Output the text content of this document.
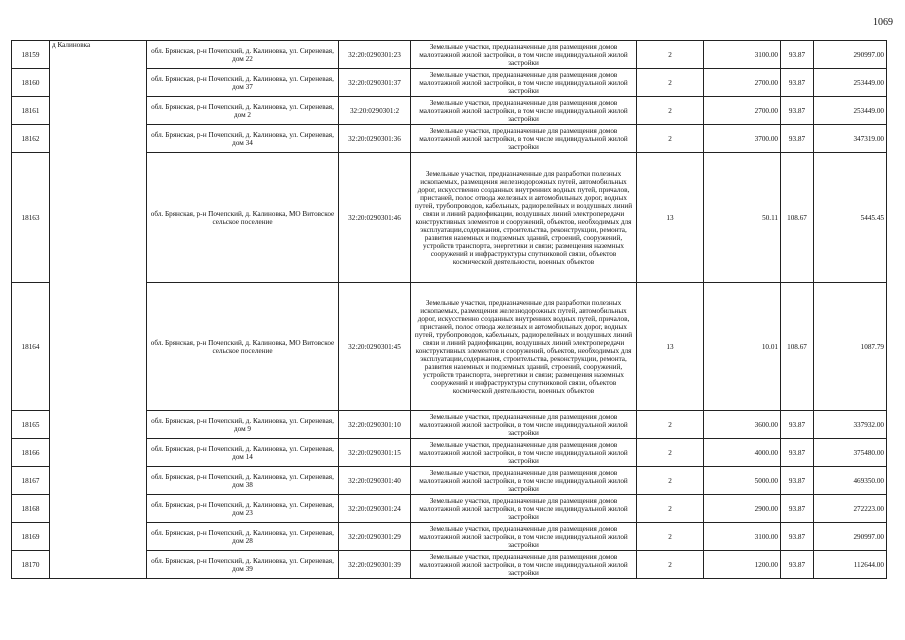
1069
18159	д Калиновка	обл. Брянская, р-н Почепский, д. Калиновка, ул. Сиреневая, дом 22	32:20:0290301:23	Земельные участки, предназначенные для размещения домов малоэтажной жилой застройки, в том числе индивидуальной жилой застройки	2	3100.00	93.87	290997.00
18160		обл. Брянская, р-н Почепский, д. Калиновка, ул. Сиреневая, дом 37	32:20:0290301:37	Земельные участки, предназначенные для размещения домов малоэтажной жилой застройки, в том числе индивидуальной жилой застройки	2	2700.00	93.87	253449.00
18161		обл. Брянская, р-н Почепский, д. Калиновка, ул. Сиреневая, дом 2	32:20:0290301:2	Земельные участки, предназначенные для размещения домов малоэтажной жилой застройки, в том числе индивидуальной жилой застройки	2	2700.00	93.87	253449.00
18162		обл. Брянская, р-н Почепский, д. Калиновка, ул. Сиреневая, дом 34	32:20:0290301:36	Земельные участки, предназначенные для размещения домов малоэтажной жилой застройки, в том числе индивидуальной жилой застройки	2	3700.00	93.87	347319.00
18163		обл. Брянская, р-н Почепский, д. Калиновка, МО Витовское сельское поселение	32:20:0290301:46	Земельные участки, предназначенные для разработки полезных ископаемых, размещения железнодорожных путей, автомобильных дорог, искусственно созданных внутренних водных путей, причалов, пристаней, полос отвода железных и автомобильных дорог, водных путей, трубопроводов, кабельных, радиорелейных и воздушных линий связи и линий радиофикации, воздушных линий электропередачи конструктивных элементов и сооружений, объектов, необходимых для эксплуатации,содержания, строительства, реконструкции, ремонта, развития наземных и подземных зданий, строений, сооружений, устройств транспорта, энергетики и связи; размещения наземных сооружений и инфраструктуры спутниковой связи, объектов космической деятельности, военных объектов	13	50.11	108.67	5445.45
18164		обл. Брянская, р-н Почепский, д. Калиновка, МО Витовское сельское поселение	32:20:0290301:45	Земельные участки, предназначенные для разработки полезных ископаемых, размещения железнодорожных путей, автомобильных дорог, искусственно созданных внутренних водных путей, причалов, пристаней, полос отвода железных и автомобильных дорог, водных путей, трубопроводов, кабельных, радиорелейных и воздушных линий связи и линий радиофикации, воздушных линий электропередачи конструктивных элементов и сооружений, объектов, необходимых для эксплуатации,содержания, строительства, реконструкции, ремонта, развития наземных и подземных зданий, строений, сооружений, устройств транспорта, энергетики и связи; размещения наземных сооружений и инфраструктуры спутниковой связи, объектов космической деятельности, военных объектов	13	10.01	108.67	1087.79
18165		обл. Брянская, р-н Почепский, д. Калиновка, ул. Сиреневая, дом 9	32:20:0290301:10	Земельные участки, предназначенные для размещения домов малоэтажной жилой застройки, в том числе индивидуальной жилой застройки	2	3600.00	93.87	337932.00
18166		обл. Брянская, р-н Почепский, д. Калиновка, ул. Сиреневая, дом 14	32:20:0290301:15	Земельные участки, предназначенные для размещения домов малоэтажной жилой застройки, в том числе индивидуальной жилой застройки	2	4000.00	93.87	375480.00
18167		обл. Брянская, р-н Почепский, д. Калиновка, ул. Сиреневая, дом 38	32:20:0290301:40	Земельные участки, предназначенные для размещения домов малоэтажной жилой застройки, в том числе индивидуальной жилой застройки	2	5000.00	93.87	469350.00
18168		обл. Брянская, р-н Почепский, д. Калиновка, ул. Сиреневая, дом 23	32:20:0290301:24	Земельные участки, предназначенные для размещения домов малоэтажной жилой застройки, в том числе индивидуальной жилой застройки	2	2900.00	93.87	272223.00
18169		обл. Брянская, р-н Почепский, д. Калиновка, ул. Сиреневая, дом 28	32:20:0290301:29	Земельные участки, предназначенные для размещения домов малоэтажной жилой застройки, в том числе индивидуальной жилой застройки	2	3100.00	93.87	290997.00
18170		обл. Брянская, р-н Почепский, д. Калиновка, ул. Сиреневая, дом 39	32:20:0290301:39	Земельные участки, предназначенные для размещения домов малоэтажной жилой застройки, в том числе индивидуальной жилой застройки	2	1200.00	93.87	112644.00
